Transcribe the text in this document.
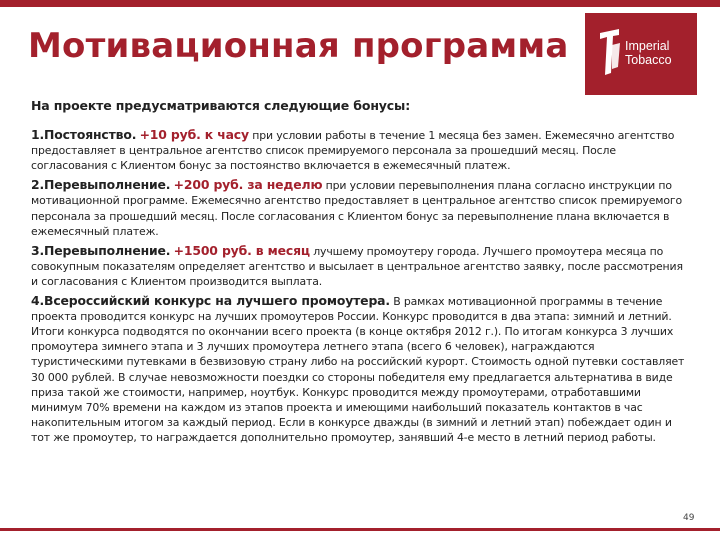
Мотивационная программа	Imperial
Tobacco

На проекте предусматриваются следующие бонусы:

1.Постоянство. +10 руб. к часу при условии работы в течение 1 месяца без замен. Ежемесячно агентство предоставляет в центральное агентство список премируемого персонала за прошедший месяц. После согласования с Клиентом бонус за постоянство включается в ежемесячный платеж.

2.Перевыполнение. +200 руб. за неделю при условии перевыполнения плана согласно инструкции по мотивационной программе. Ежемесячно агентство предоставляет в центральное агентство список премируемого персонала за прошедший месяц. После согласования с Клиентом бонус за перевыполнение плана включается в ежемесячный платеж.

3.Перевыполнение. +1500 руб. в месяц лучшему промоутеру города. Лучшего промоутера месяца по совокупным показателям определяет агентство и высылает в центральное агентство заявку, после рассмотрения и согласования с Клиентом производится выплата.

4.Всероссийский конкурс на лучшего промоутера. В рамках мотивационной программы в течение проекта проводится конкурс на лучших промоутеров России. Конкурс проводится в два этапа: зимний и летний. Итоги конкурса подводятся по окончании всего проекта (в конце октября 2012 г.). По итогам конкурса 3 лучших промоутера зимнего этапа и 3 лучших промоутера летнего этапа (всего 6 человек), награждаются туристическими путевками в безвизовую страну либо на российский курорт. Стоимость одной путевки составляет 30 000 рублей. В случае невозможности поездки со стороны победителя ему предлагается альтернатива в виде приза такой же стоимости, например, ноутбук. Конкурс проводится между промоутерами, отработавшими минимум 70% времени на каждом из этапов проекта и имеющими наибольший показатель контактов в час накопительным итогом за каждый период. Если в конкурсе дважды (в зимний и летний этап) побеждает один и тот же промоутер, то награждается дополнительно промоутер, занявший 4-е место в летний период работы.

49
